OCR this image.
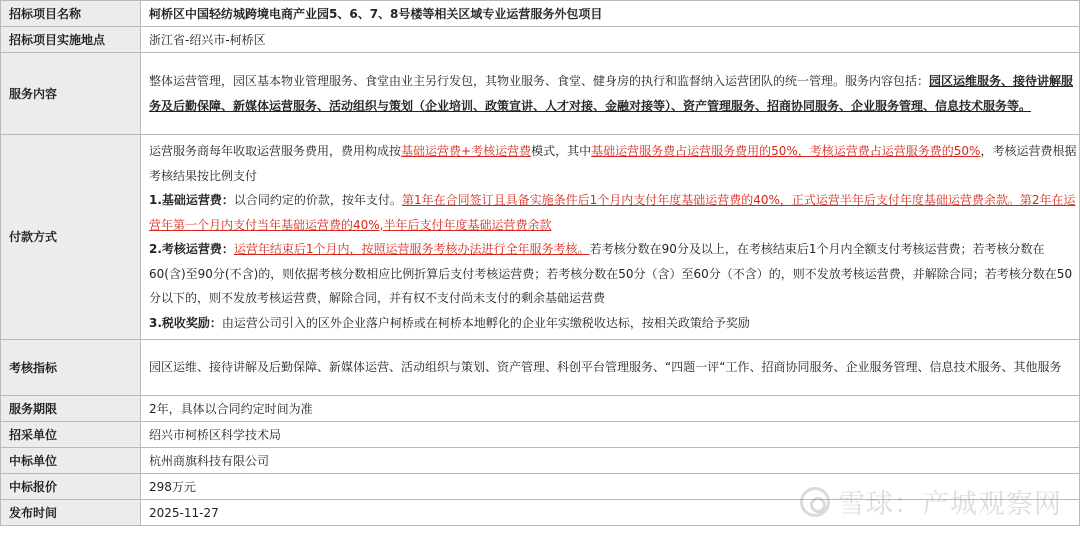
招标项目名称	柯桥区中国轻纺城跨境电商产业园5、6、7、8号楼等相关区域专业运营服务外包项目
招标项目实施地点	浙江省-绍兴市-柯桥区
服务内容	整体运营管理，园区基本物业管理服务、食堂由业主另行发包，其物业服务、食堂、健身房的执行和监督纳入运营团队的统一管理。服务内容包括：园区运维服务、接待讲解服务及后勤保障、新媒体运营服务、活动组织与策划（企业培训、政策宣讲、人才对接、金融对接等）、资产管理服务、招商协同服务、企业服务管理、信息技术服务等。
付款方式	运营服务商每年收取运营服务费用，费用构成按基础运营费+考核运营费模式，其中基础运营服务费占运营服务费用的50%，考核运营费占运营服务费的50%，考核运营费根据考核结果按比例支付
1.基础运营费：以合同约定的价款，按年支付。第1年在合同签订且具备实施条件后1个月内支付年度基础运营费的40%，正式运营半年后支付年度基础运营费余款。第2年在运营年第一个月内支付当年基础运营费的40%,半年后支付年度基础运营费余款
2.考核运营费：运营年结束后1个月内，按照运营服务考核办法进行全年服务考核。若考核分数在90分及以上，在考核结束后1个月内全额支付考核运营费；若考核分数在60(含)至90分(不含)的，则依据考核分数相应比例折算后支付考核运营费；若考核分数在50分（含）至60分（不含）的，则不发放考核运营费，并解除合同；若考核分数在50分以下的，则不发放考核运营费，解除合同，并有权不支付尚未支付的剩余基础运营费
3.税收奖励：由运营公司引入的区外企业落户柯桥或在柯桥本地孵化的企业年实缴税收达标，按相关政策给予奖励

考核指标	园区运维、接待讲解及后勤保障、新媒体运营、活动组织与策划、资产管理、科创平台管理服务、“四题一评“工作、招商协同服务、企业服务管理、信息技术服务、其他服务
服务期限	2年，具体以合同约定时间为准
招采单位	绍兴市柯桥区科学技术局
中标单位	杭州商旗科技有限公司
中标报价	298万元
发布时间	2025-11-27	雪球：产城观察网
